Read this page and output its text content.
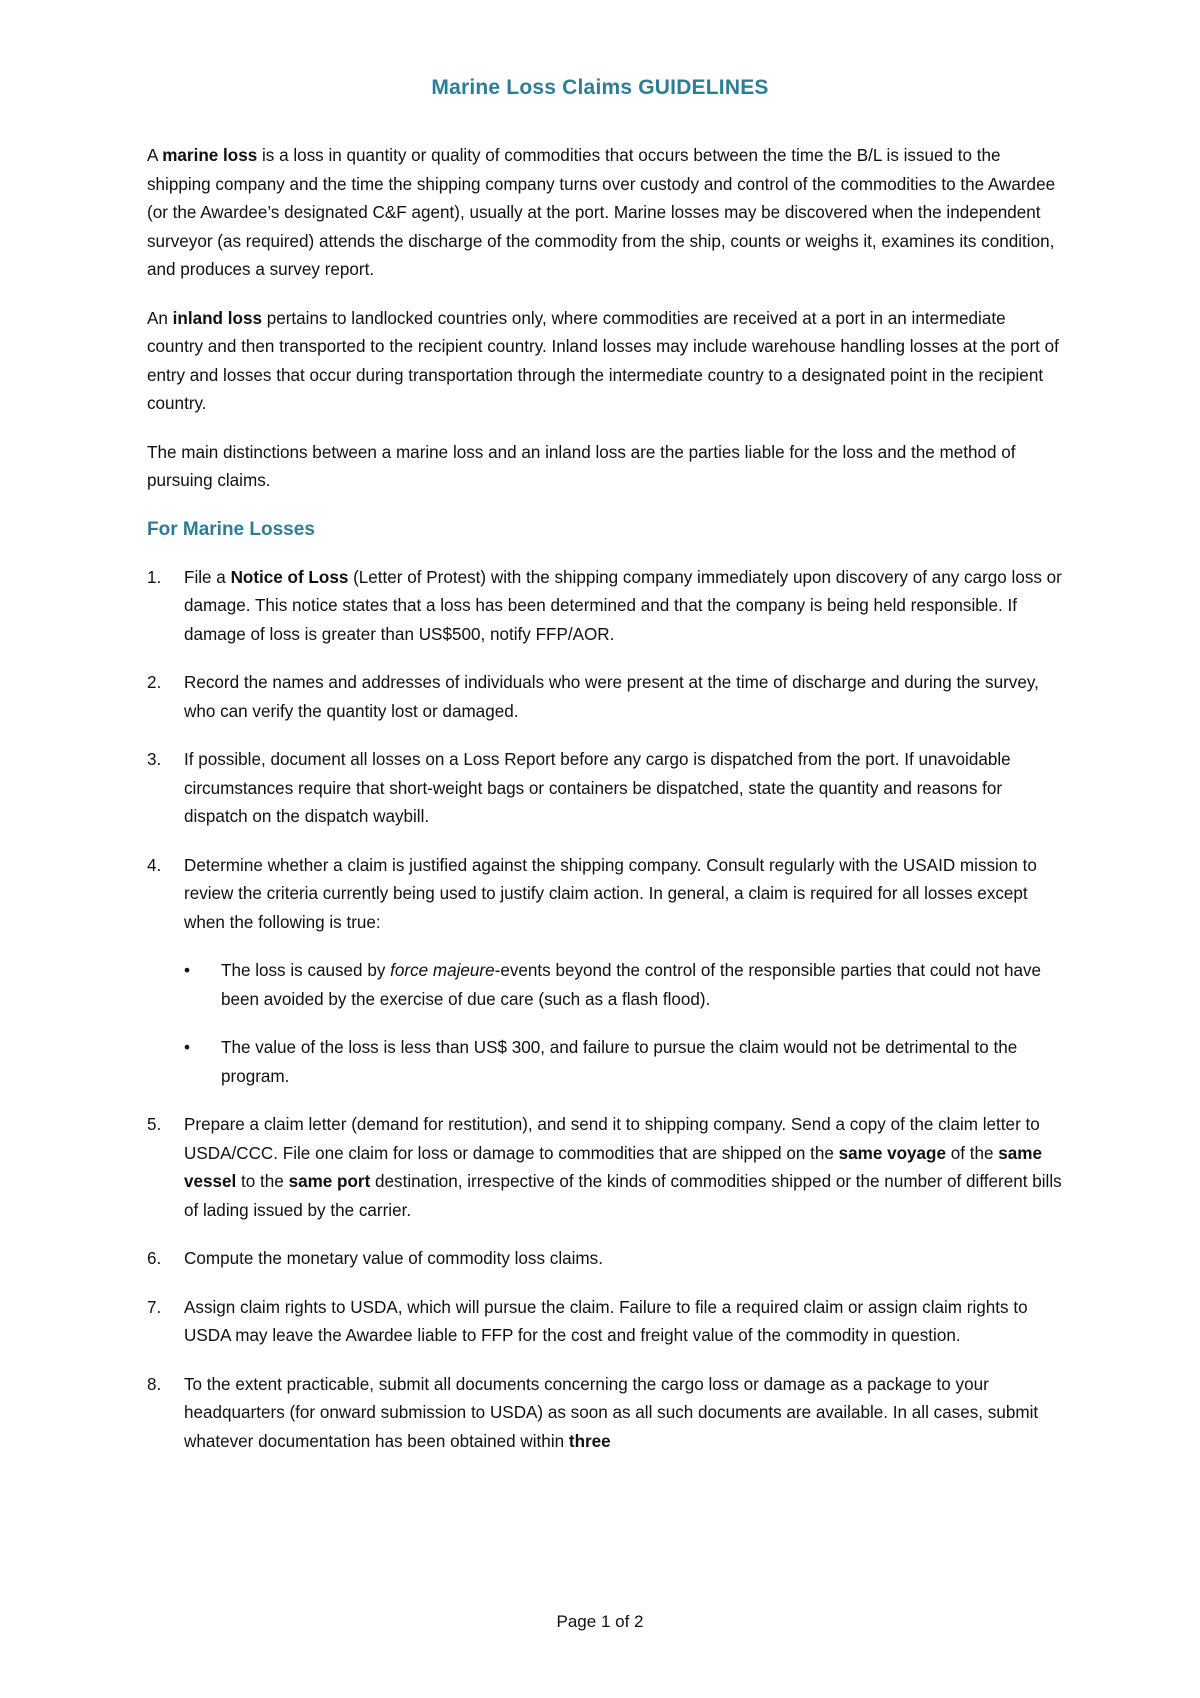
Marine Loss Claims GUIDELINES

A marine loss is a loss in quantity or quality of commodities that occurs between the time the B/L is issued to the shipping company and the time the shipping company turns over custody and control of the commodities to the Awardee (or the Awardee’s designated C&F agent), usually at the port. Marine losses may be discovered when the independent surveyor (as required) attends the discharge of the commodity from the ship, counts or weighs it, examines its condition, and produces a survey report.

An inland loss pertains to landlocked countries only, where commodities are received at a port in an intermediate country and then transported to the recipient country. Inland losses may include warehouse handling losses at the port of entry and losses that occur during transportation through the intermediate country to a designated point in the recipient country.

The main distinctions between a marine loss and an inland loss are the parties liable for the loss and the method of pursuing claims.

For Marine Losses
1.	File a Notice of Loss (Letter of Protest) with the shipping company immediately upon discovery of any cargo loss or damage. This notice states that a loss has been determined and that the company is being held responsible. If damage of loss is greater than US$500, notify FFP/AOR.
2.	Record the names and addresses of individuals who were present at the time of discharge and during the survey, who can verify the quantity lost or damaged.
3.	If possible, document all losses on a Loss Report before any cargo is dispatched from the port. If unavoidable circumstances require that short-weight bags or containers be dispatched, state the quantity and reasons for dispatch on the dispatch waybill.
4.	Determine whether a claim is justified against the shipping company. Consult regularly with the USAID mission to review the criteria currently being used to justify claim action. In general, a claim is required for all losses except when the following is true:
•	The loss is caused by force majeure-events beyond the control of the responsible parties that could not have been avoided by the exercise of due care (such as a flash flood).
•	The value of the loss is less than US$ 300, and failure to pursue the claim would not be detrimental to the program.
5.	Prepare a claim letter (demand for restitution), and send it to shipping company. Send a copy of the claim letter to USDA/CCC. File one claim for loss or damage to commodities that are shipped on the same voyage of the same vessel to the same port destination, irrespective of the kinds of commodities shipped or the number of different bills of lading issued by the carrier.
6.	Compute the monetary value of commodity loss claims.
7.	Assign claim rights to USDA, which will pursue the claim. Failure to file a required claim or assign claim rights to USDA may leave the Awardee liable to FFP for the cost and freight value of the commodity in question.
8.	To the extent practicable, submit all documents concerning the cargo loss or damage as a package to your headquarters (for onward submission to USDA) as soon as all such documents are available. In all cases, submit whatever documentation has been obtained within three
Page 1 of 2
